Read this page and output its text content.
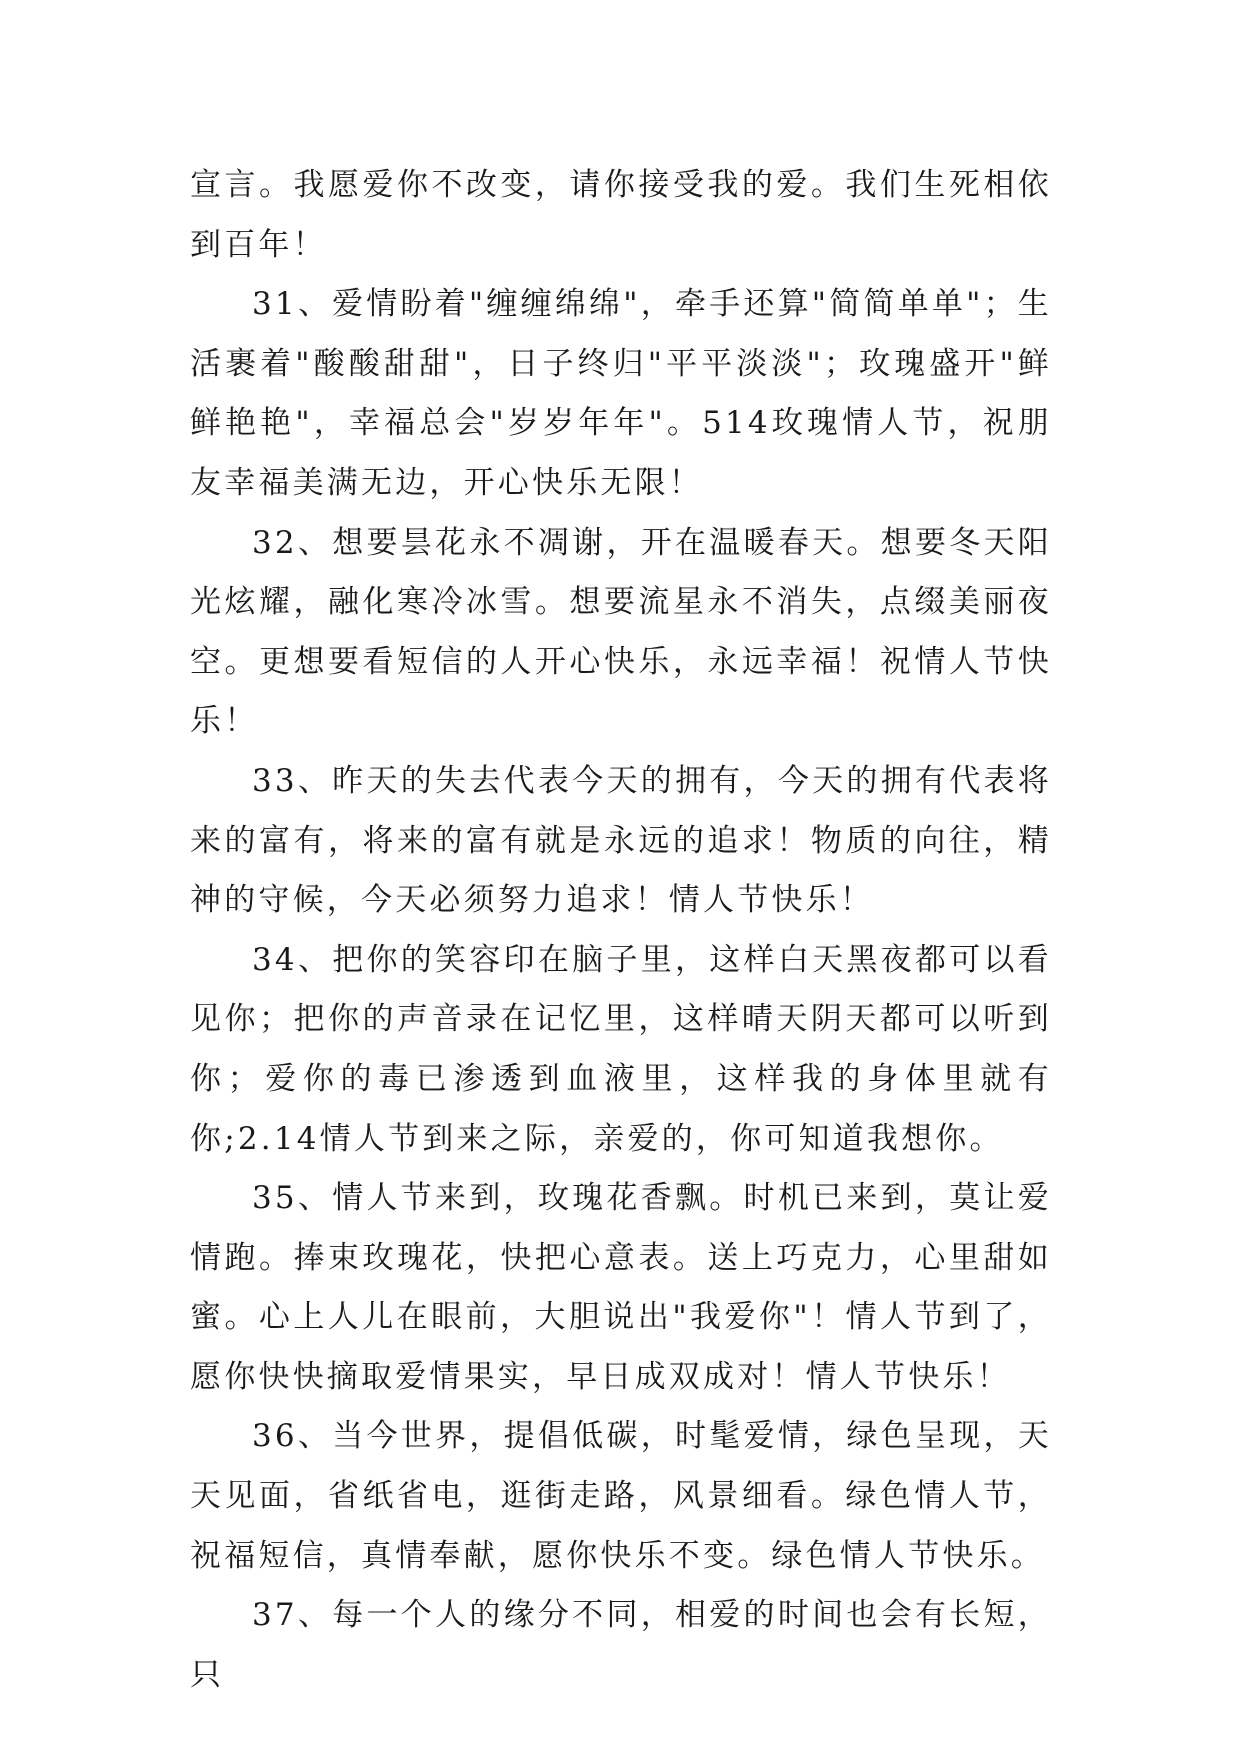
宣言。我愿爱你不改变，请你接受我的爱。我们生死相依到百年！

31、爱情盼着"缠缠绵绵"，牵手还算"简简单单"；生活裹着"酸酸甜甜"，日子终归"平平淡淡"；玫瑰盛开"鲜鲜艳艳"，幸福总会"岁岁年年"。514玫瑰情人节，祝朋友幸福美满无边，开心快乐无限！

32、想要昙花永不凋谢，开在温暖春天。想要冬天阳光炫耀，融化寒冷冰雪。想要流星永不消失，点缀美丽夜空。更想要看短信的人开心快乐，永远幸福！祝情人节快乐！

33、昨天的失去代表今天的拥有，今天的拥有代表将来的富有，将来的富有就是永远的追求！物质的向往，精神的守候，今天必须努力追求！情人节快乐！

34、把你的笑容印在脑子里，这样白天黑夜都可以看见你；把你的声音录在记忆里，这样晴天阴天都可以听到你；爱你的毒已渗透到血液里，这样我的身体里就有你;2.14情人节到来之际，亲爱的，你可知道我想你。

35、情人节来到，玫瑰花香飘。时机已来到，莫让爱情跑。捧束玫瑰花，快把心意表。送上巧克力，心里甜如蜜。心上人儿在眼前，大胆说出"我爱你"！情人节到了，愿你快快摘取爱情果实，早日成双成对！情人节快乐！

36、当今世界，提倡低碳，时髦爱情，绿色呈现，天天见面，省纸省电，逛街走路，风景细看。绿色情人节，祝福短信，真情奉献，愿你快乐不变。绿色情人节快乐。

37、每一个人的缘分不同，相爱的时间也会有长短，只
